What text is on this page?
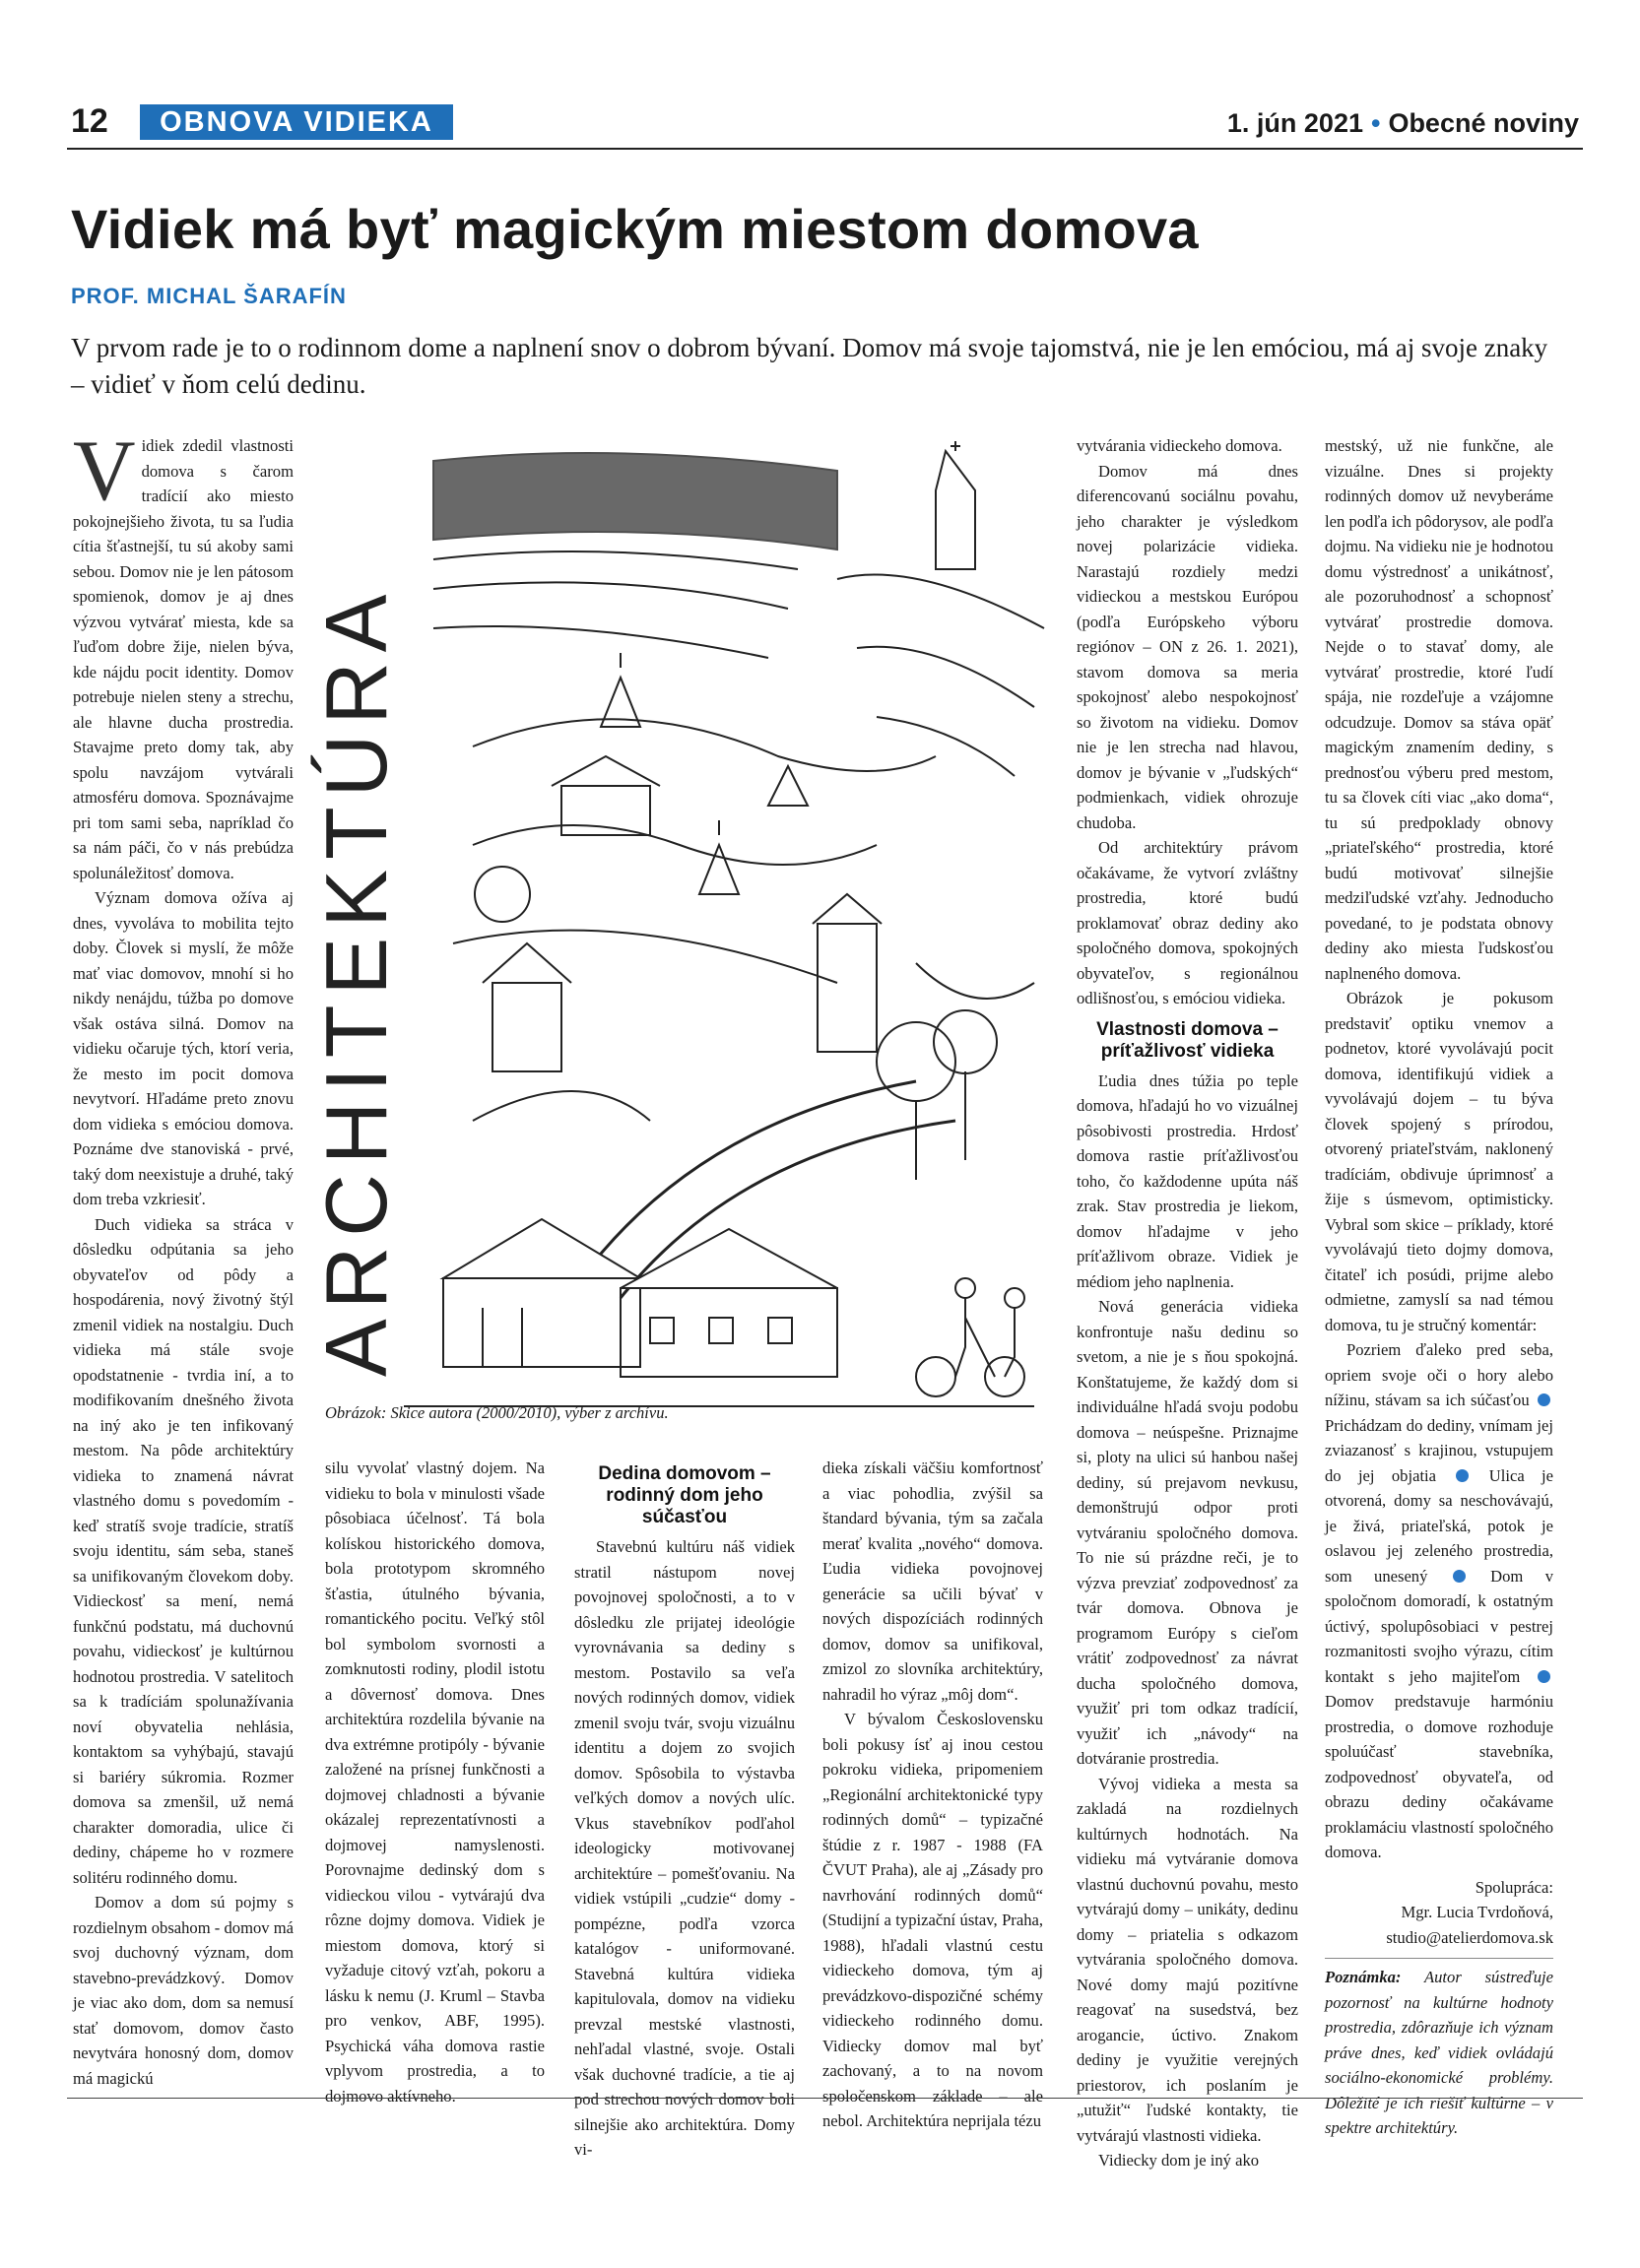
12	OBNOVA VIDIEKA	1. jún 2021 • Obecné noviny
Vidiek má byť magickým miestom domova
PROF. MICHAL ŠARAFÍN
V prvom rade je to o rodinnom dome a naplnení snov o dobrom bývaní. Domov má svoje tajomstvá, nie je len emóciou, má aj svoje znaky – vidieť v ňom celú dedinu.

Vidiek zdedil vlastnosti domova s čarom tradícií ako miesto pokojnejšieho života, tu sa ľudia cítia šťastnejší, tu sú akoby sami sebou. Domov nie je len pátosom spomienok, domov je aj dnes výzvou vytvárať miesta, kde sa ľuďom dobre žije, nielen býva, kde nájdu pocit identity. Domov potrebuje nielen steny a strechu, ale hlavne ducha prostredia. Stavajme preto domy tak, aby spolu navzájom vytvárali atmosféru domova. Spoznávajme pri tom sami seba, napríklad čo sa nám páči, čo v nás prebúdza spolunáležitosť domova.

Význam domova ožíva aj dnes, vyvoláva to mobilita tejto doby. Človek si myslí, že môže mať viac domovov, mnohí si ho nikdy nenájdu, túžba po domove však ostáva silná. Domov na vidieku očaruje tých, ktorí veria, že mesto im pocit domova nevytvorí. Hľadáme preto znovu dom vidieka s emóciou domova. Poznáme dve stanoviská - prvé, taký dom neexistuje a druhé, taký dom treba vzkriesiť.

Duch vidieka sa stráca v dôsledku odpútania sa jeho obyvateľov od pôdy a hospodárenia, nový životný štýl zmenil vidiek na nostalgiu. Duch vidieka má stále svoje opodstatnenie - tvrdia iní, a to modifikovaním dnešného života na iný ako je ten infikovaný mestom. Na pôde architektúry vidieka to znamená návrat vlastného domu s povedomím - keď stratíš svoje tradície, stratíš svoju identitu, sám seba, staneš sa unifikovaným človekom doby. Vidieckosť sa mení, nemá funkčnú podstatu, má duchovnú povahu, vidieckosť je kultúrnou hodnotou prostredia. V satelitoch sa k tradíciám spolunažívania noví obyvatelia nehlásia, kontaktom sa vyhýbajú, stavajú si bariéry súkromia. Rozmer domova sa zmenšil, už nemá charakter domoradia, ulice či dediny, chápeme ho v rozmere solitéru rodinného domu.

Domov a dom sú pojmy s rozdielnym obsahom - domov má svoj duchovný význam, dom stavebno-prevádzkový. Domov je viac ako dom, dom sa nemusí stať domovom, domov často nevytvára honosný dom, domov má magickú

ARCHITEKTÚRA
Obrázok: Skice autora (2000/2010), výber z archívu.

silu vyvolať vlastný dojem. Na vidieku to bola v minulosti všade pôsobiaca účelnosť. Tá bola kolískou historického domova, bola prototypom skromného šťastia, útulného bývania, romantického pocitu. Veľký stôl bol symbolom svornosti a zomknutosti rodiny, plodil istotu a dôvernosť domova. Dnes architektúra rozdelila bývanie na dva extrémne protipóly - bývanie založené na prísnej funkčnosti a dojmovej chladnosti a bývanie okázalej reprezentatívnosti a dojmovej namyslenosti. Porovnajme dedinský dom s vidieckou vilou - vytvárajú dva rôzne dojmy domova. Vidiek je miestom domova, ktorý si vyžaduje citový vzťah, pokoru a lásku k nemu (J. Kruml – Stavba pro venkov, ABF, 1995). Psychická váha domova rastie vplyvom prostredia, a to dojmovo aktívneho.

Dedina domovom – rodinný dom jeho súčasťou

Stavebnú kultúru náš vidiek stratil nástupom novej povojnovej spoločnosti, a to v dôsledku zle prijatej ideológie vyrovnávania sa dediny s mestom. Postavilo sa veľa nových rodinných domov, vidiek zmenil svoju tvár, svoju vizuálnu identitu a dojem zo svojich domov. Spôsobila to výstavba veľkých domov a nových ulíc. Vkus stavebníkov podľahol ideologicky motivovanej architektúre – pomešťovaniu. Na vidiek vstúpili „cudzie“ domy - pompézne, podľa vzorca katalógov - uniformované. Stavebná kultúra vidieka kapitulovala, domov na vidieku prevzal mestské vlastnosti, nehľadal vlastné, svoje. Ostali však duchovné tradície, a tie aj pod strechou nových domov boli silnejšie ako architektúra. Domy vi-

dieka získali väčšiu komfortnosť a viac pohodlia, zvýšil sa štandard bývania, tým sa začala merať kvalita „nového“ domova. Ľudia vidieka povojnovej generácie sa učili bývať v nových dispozíciách rodinných domov, domov sa unifikoval, zmizol zo slovníka architektúry, nahradil ho výraz „môj dom“.

V bývalom Československu boli pokusy ísť aj inou cestou pokroku vidieka, pripomeniem „Regionální architektonické typy rodinných domů“ – typizačné štúdie z r. 1987 - 1988 (FA ČVUT Praha), ale aj „Zásady pro navrhování rodinných domů“ (Studijní a typizační ústav, Praha, 1988), hľadali vlastnú cestu vidieckeho domova, tým aj prevádzkovo-dispozičné schémy vidieckeho rodinného domu. Vidiecky domov mal byť zachovaný, a to na novom spoločenskom základe – ale nebol. Architektúra neprijala tézu

vytvárania vidieckeho domova.

Domov má dnes diferencovanú sociálnu povahu, jeho charakter je výsledkom novej polarizácie vidieka. Narastajú rozdiely medzi vidieckou a mestskou Európou (podľa Európskeho výboru regiónov – ON z 26. 1. 2021), stavom domova sa meria spokojnosť alebo nespokojnosť so životom na vidieku. Domov nie je len strecha nad hlavou, domov je bývanie v „ľudských“ podmienkach, vidiek ohrozuje chudoba.

Od architektúry právom očakávame, že vytvorí zvláštny prostredia, ktoré budú proklamovať obraz dediny ako spoločného domova, spokojných obyvateľov, s regionálnou odlišnosťou, s emóciou vidieka.

Vlastnosti domova – príťažlivosť vidieka

Ľudia dnes túžia po teple domova, hľadajú ho vo vizuálnej pôsobivosti prostredia. Hrdosť domova rastie príťažlivosťou toho, čo každodenne upúta náš zrak. Stav prostredia je liekom, domov hľadajme v jeho príťažlivom obraze. Vidiek je médiom jeho naplnenia.

Nová generácia vidieka konfrontuje našu dedinu so svetom, a nie je s ňou spokojná. Konštatujeme, že každý dom si individuálne hľadá svoju podobu domova – neúspešne. Priznajme si, ploty na ulici sú hanbou našej dediny, sú prejavom nevkusu, demonštrujú odpor proti vytváraniu spoločného domova. To nie sú prázdne reči, je to výzva prevziať zodpovednosť za tvár domova. Obnova je programom Európy s cieľom vrátiť zodpovednosť za návrat ducha spoločného domova, využiť pri tom odkaz tradícií, využiť ich „návody“ na dotváranie prostredia.

Vývoj vidieka a mesta sa zakladá na rozdielnych kultúrnych hodnotách. Na vidieku má vytváranie domova vlastnú duchovnú povahu, mesto vytvárajú domy – unikáty, dedinu domy – priatelia s odkazom vytvárania spoločného domova. Nové domy majú pozitívne reagovať na susedstvá, bez arogancie, úctivo. Znakom dediny je využitie verejných priestorov, ich poslaním je „utužiť“ ľudské kontakty, tie vytvárajú vlastnosti vidieka.

Vidiecky dom je iný ako

mestský, už nie funkčne, ale vizuálne. Dnes si projekty rodinných domov už nevyberáme len podľa ich pôdorysov, ale podľa dojmu. Na vidieku nie je hodnotou domu výstrednosť a unikátnosť, ale pozoruhodnosť a schopnosť vytvárať prostredie domova. Nejde o to stavať domy, ale vytvárať prostredie, ktoré ľudí spája, nie rozdeľuje a vzájomne odcudzuje. Domov sa stáva opäť magickým znamením dediny, s prednosťou výberu pred mestom, tu sa človek cíti viac „ako doma“, tu sú predpoklady obnovy „priateľského“ prostredia, ktoré budú motivovať silnejšie medziľudské vzťahy. Jednoducho povedané, to je podstata obnovy dediny ako miesta ľudskosťou naplneného domova.

Obrázok je pokusom predstaviť optiku vnemov a podnetov, ktoré vyvolávajú pocit domova, identifikujú vidiek a vyvolávajú dojem – tu býva človek spojený s prírodou, otvorený priateľstvám, naklonený tradíciám, obdivuje úprimnosť a žije s úsmevom, optimisticky. Vybral som skice – príklady, ktoré vyvolávajú tieto dojmy domova, čitateľ ich posúdi, prijme alebo odmietne, zamyslí sa nad témou domova, tu je stručný komentár:

Pozriem ďaleko pred seba, opriem svoje oči o hory alebo nížinu, stávam sa ich súčasťou  Prichádzam do dediny, vnímam jej zviazanosť s krajinou, vstupujem do jej objatia	Ulica je otvorená, domy sa neschovávajú, je živá, priateľská, potok je oslavou jej zeleného prostredia, som unesený	Dom v spoločnom domoradí, k ostatným úctivý, spolupôsobiaci v pestrej rozmanitosti svojho výrazu, cítim kontakt s jeho majiteľom  Domov predstavuje harmóniu prostredia, o domove rozhoduje spoluúčasť stavebníka, zodpovednosť obyvateľa, od obrazu dediny očakávame proklamáciu vlastností spoločného domova.

Spolupráca:
Mgr. Lucia Tvrdoňová,
studio@atelierdomova.sk

Poznámka: Autor sústreďuje pozornosť na kultúrne hodnoty prostredia, zdôrazňuje ich význam práve dnes, keď vidiek ovládajú sociálno-ekonomické problémy. Dôležité je ich riešiť kultúrne – v spektre architektúry.
